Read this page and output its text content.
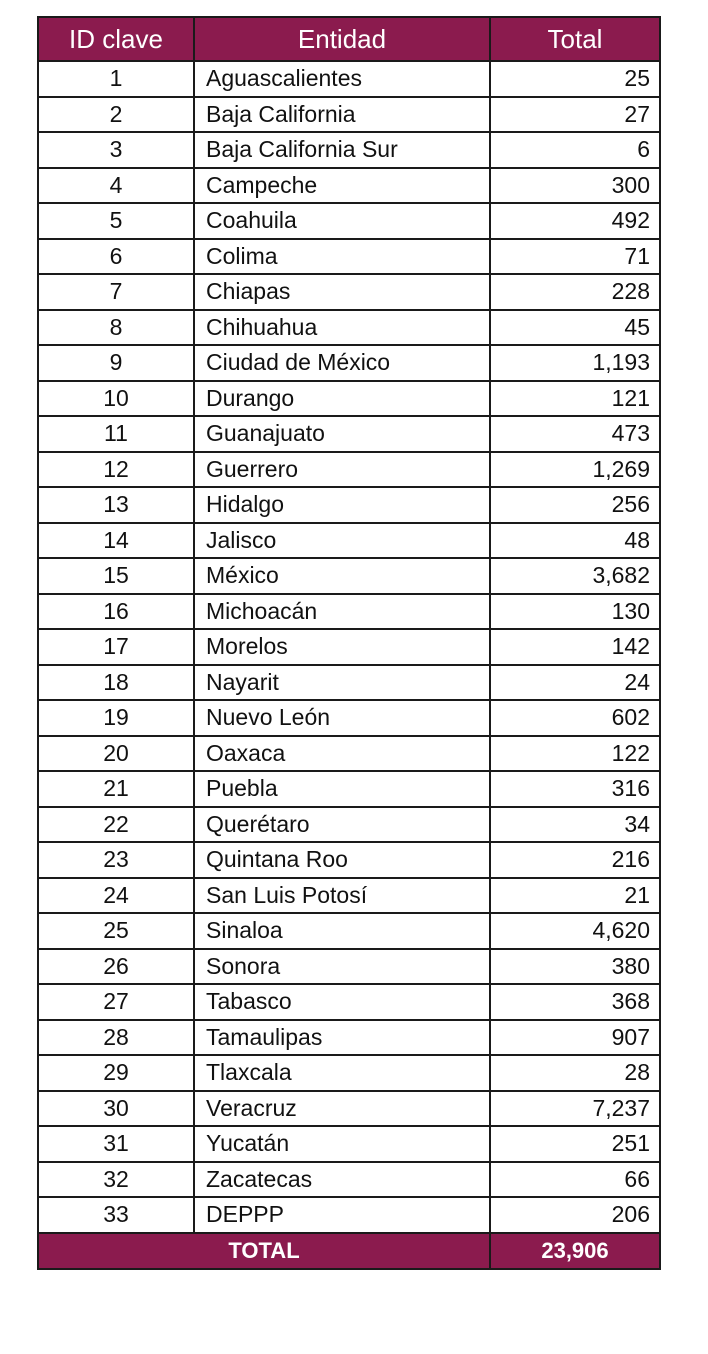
ID clave	Entidad	Total
1	Aguascalientes	25
2	Baja California	27
3	Baja California Sur	6
4	Campeche	300
5	Coahuila	492
6	Colima	71
7	Chiapas	228
8	Chihuahua	45
9	Ciudad de México	1,193
10	Durango	121
11	Guanajuato	473
12	Guerrero	1,269
13	Hidalgo	256
14	Jalisco	48
15	México	3,682
16	Michoacán	130
17	Morelos	142
18	Nayarit	24
19	Nuevo León	602
20	Oaxaca	122
21	Puebla	316
22	Querétaro	34
23	Quintana Roo	216
24	San Luis Potosí	21
25	Sinaloa	4,620
26	Sonora	380
27	Tabasco	368
28	Tamaulipas	907
29	Tlaxcala	28
30	Veracruz	7,237
31	Yucatán	251
32	Zacatecas	66
33	DEPPP	206
TOTAL		23,906
